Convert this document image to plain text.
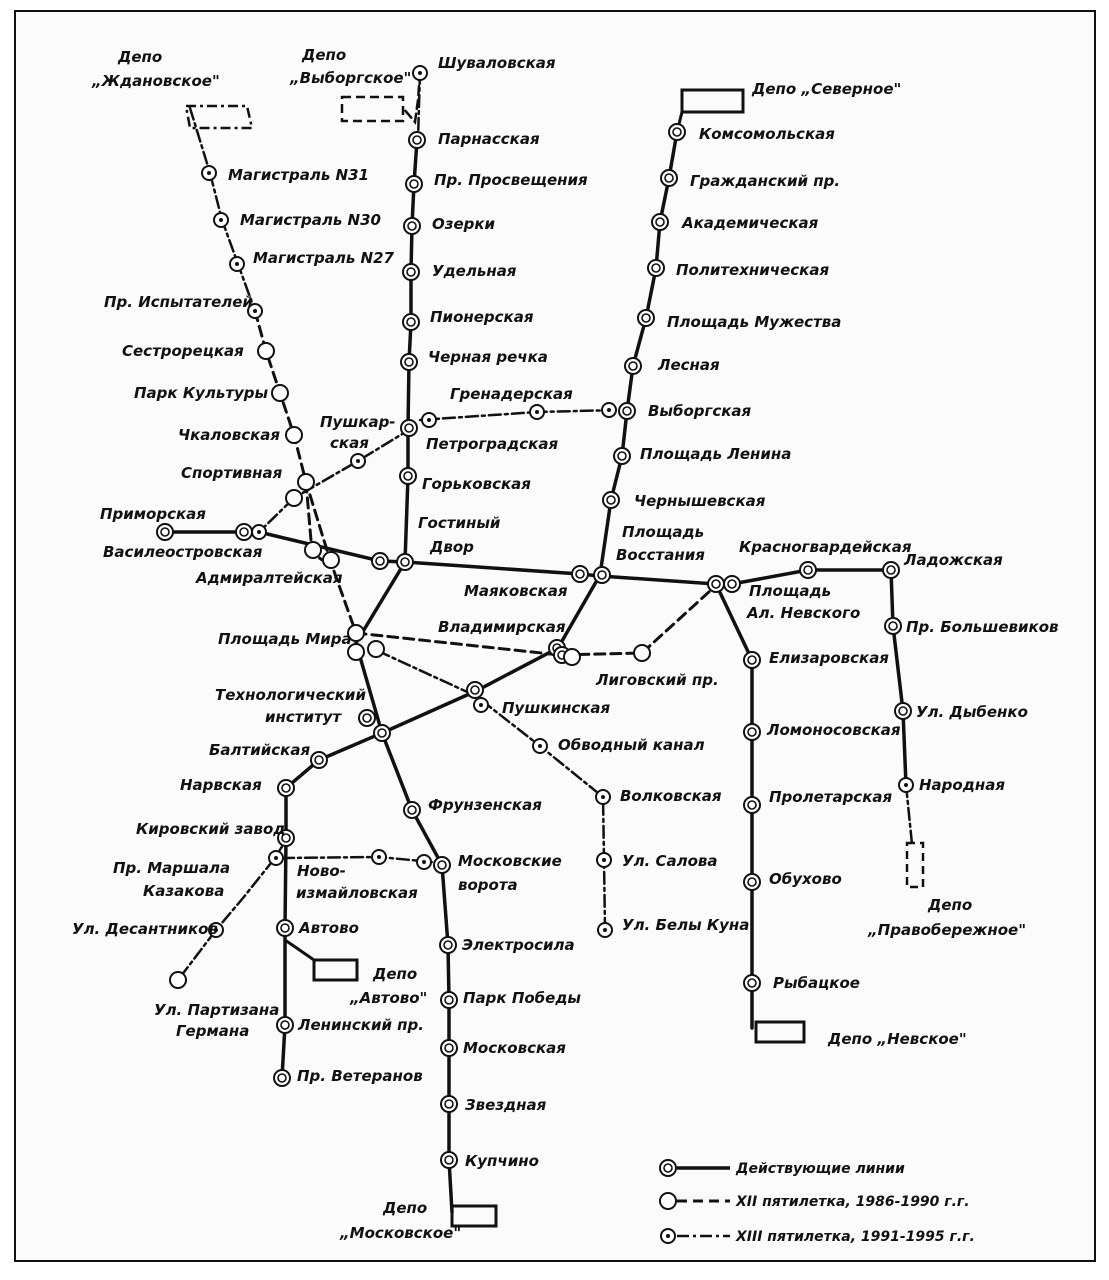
Шуваловская
Парнасская
Пр. Просвещения
Озерки
Удельная
Пионерская
Черная речка
Петроградская
Горьковская
Гостиный
Двор
Комсомольская
Гражданский пр.
Академическая
Политехническая
Площадь Мужества
Лесная
Выборгская
Площадь Ленина
Чернышевская
Площадь
Восстания
Магистраль N31
Магистраль N30
Магистраль N27
Пр. Испытателей
Сестрорецкая
Парк Культуры
Чкаловская
Спортивная
Пушкар-
ская
Гренадерская
Приморская
Василеостровская
Адмиралтейская
Маяковская
Красногвардейская
Ладожская
Площадь
Ал. Невского
Владимирская
Площадь Мира
Лиговский пр.
Пр. Большевиков
Елизаровская
Технологический
институт	Пушкинская	Ул. Дыбенко
Ломоносовская
Балтийская	Обводный канал
Народная
Нарвская
Пролетарская
Фрунзенская	Волковская
Кировский завод
Пр. Маршала
Казакова
Ново-
измайловская
Московские
ворота
Ул. Салова
Обухово
Ул. Десантников	Автово	Ул. Белы Куна
Электросила
Рыбацкое
Ул. Партизана
Германа
Парк Победы
Ленинский пр.
Московская
Пр. Ветеранов
Звездная
Купчино
Депо
„Ждановское"
Депо
„Выборгское"
Депо „Северное"
Депо
„Автово"
Депо
„Правобережное"
Депо „Невское"
Депо
„Московское"
Действующие линии
XII пятилетка, 1986-1990 г.г.
XIII пятилетка, 1991-1995 г.г.
